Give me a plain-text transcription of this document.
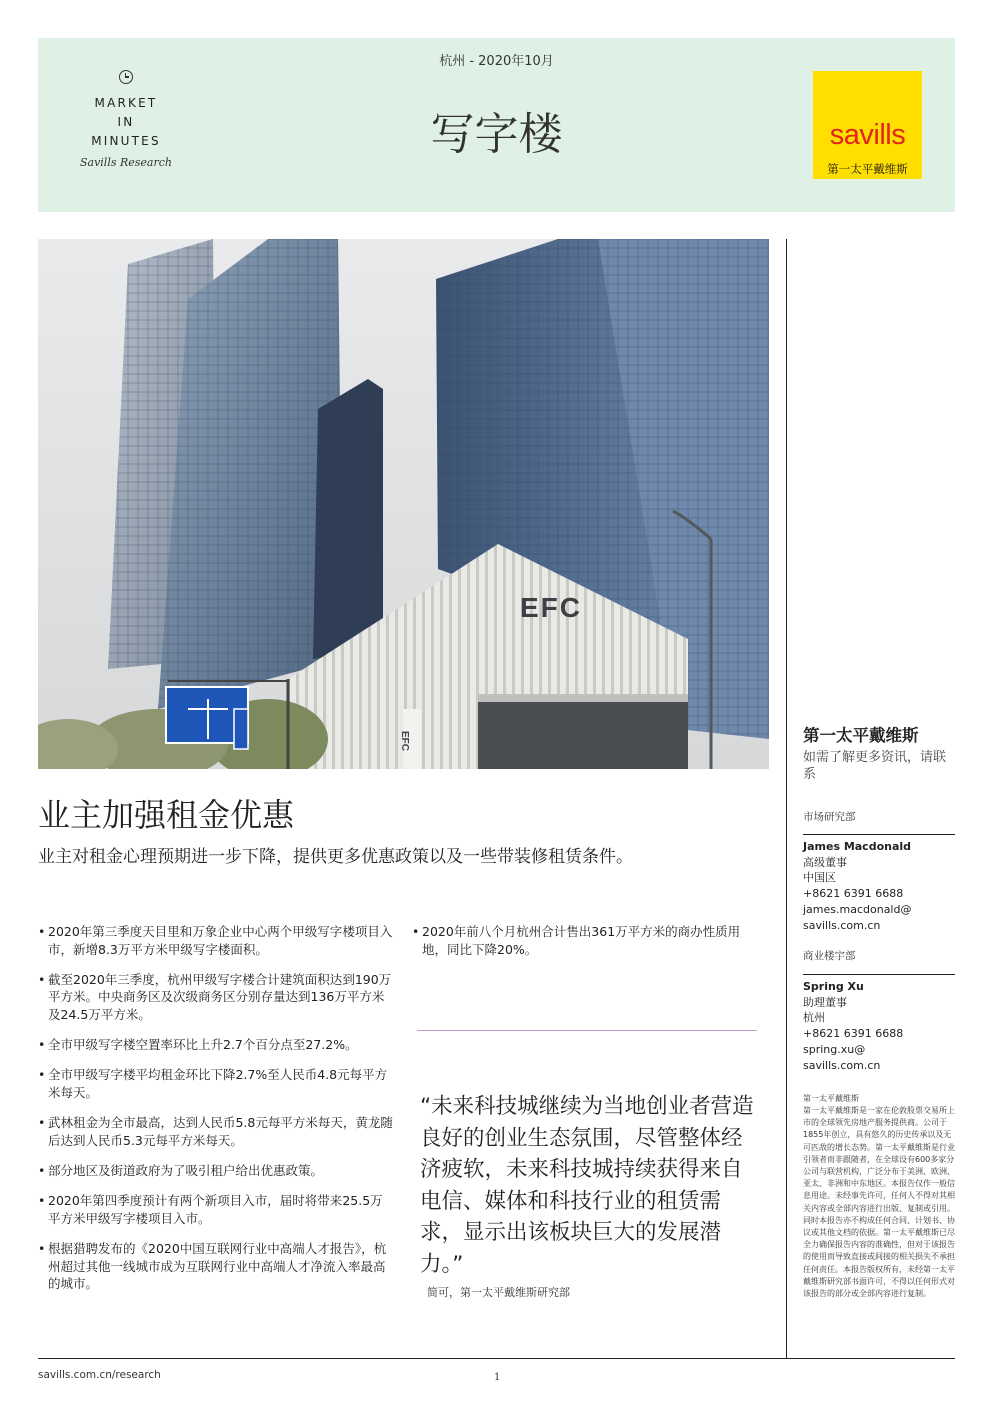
MARKET
IN
MINUTES
Savills Research
杭州 - 2020年10月
写字楼	savills
第一太平戴维斯
EFC
EFC
业主加强租金优惠
业主对租金心理预期进一步下降，提供更多优惠政策以及一些带装修租赁条件。
• 2020年第三季度天目里和万象企业中心两个甲级写字楼项目入市，新增8.3万平方米甲级写字楼面积。
• 截至2020年三季度，杭州甲级写字楼合计建筑面积达到190万平方米。中央商务区及次级商务区分别存量达到136万平方米及24.5万平方米。
• 全市甲级写字楼空置率环比上升2.7个百分点至27.2%。
• 全市甲级写字楼平均租金环比下降2.7%至人民币4.8元每平方米每天。
• 武林租金为全市最高，达到人民币5.8元每平方米每天，黄龙随后达到人民币5.3元每平方米每天。
• 部分地区及街道政府为了吸引租户给出优惠政策。
• 2020年第四季度预计有两个新项目入市，届时将带来25.5万平方米甲级写字楼项目入市。
• 根据猎聘发布的《2020中国互联网行业中高端人才报告》，杭州超过其他一线城市成为互联网行业中高端人才净流入率最高的城市。
• 2020年前八个月杭州合计售出361万平方米的商办性质用地，同比下降20%。
“未来科技城继续为当地创业者营造良好的创业生态氛围，尽管整体经济疲软，未来科技城持续获得来自电信、媒体和科技行业的租赁需求，显示出该板块巨大的发展潜力。”
简可，第一太平戴维斯研究部
第一太平戴维斯
如需了解更多资讯，请联系
市场研究部
James Macdonald
高级董事
中国区
+8621 6391 6688
james.macdonald@
savills.com.cn
商业楼宇部
Spring Xu
助理董事
杭州
+8621 6391 6688
spring.xu@
savills.com.cn
第一太平戴维斯
第一太平戴维斯是一家在伦敦股票交易所上市的全球领先房地产服务提供商。公司于1855年创立，具有悠久的历史传承以及无可匹敌的增长态势。第一太平戴维斯是行业引领者而非跟随者，在全球设有600多家分公司与联营机构，广泛分布于美洲、欧洲、亚太、非洲和中东地区。本报告仅作一般信息用途。未经事先许可，任何人不得对其相关内容或全部内容进行出版、复制或引用。同时本报告亦不构成任何合同、计划书、协议或其他文档的依据。第一太平戴维斯已尽全力确保报告内容的准确性，但对于该报告的使用而导致直接或间接的相关损失不承担任何责任。本报告版权所有，未经第一太平戴维斯研究部书面许可，不得以任何形式对该报告的部分或全部内容进行复制。
savills.com.cn/research	1
